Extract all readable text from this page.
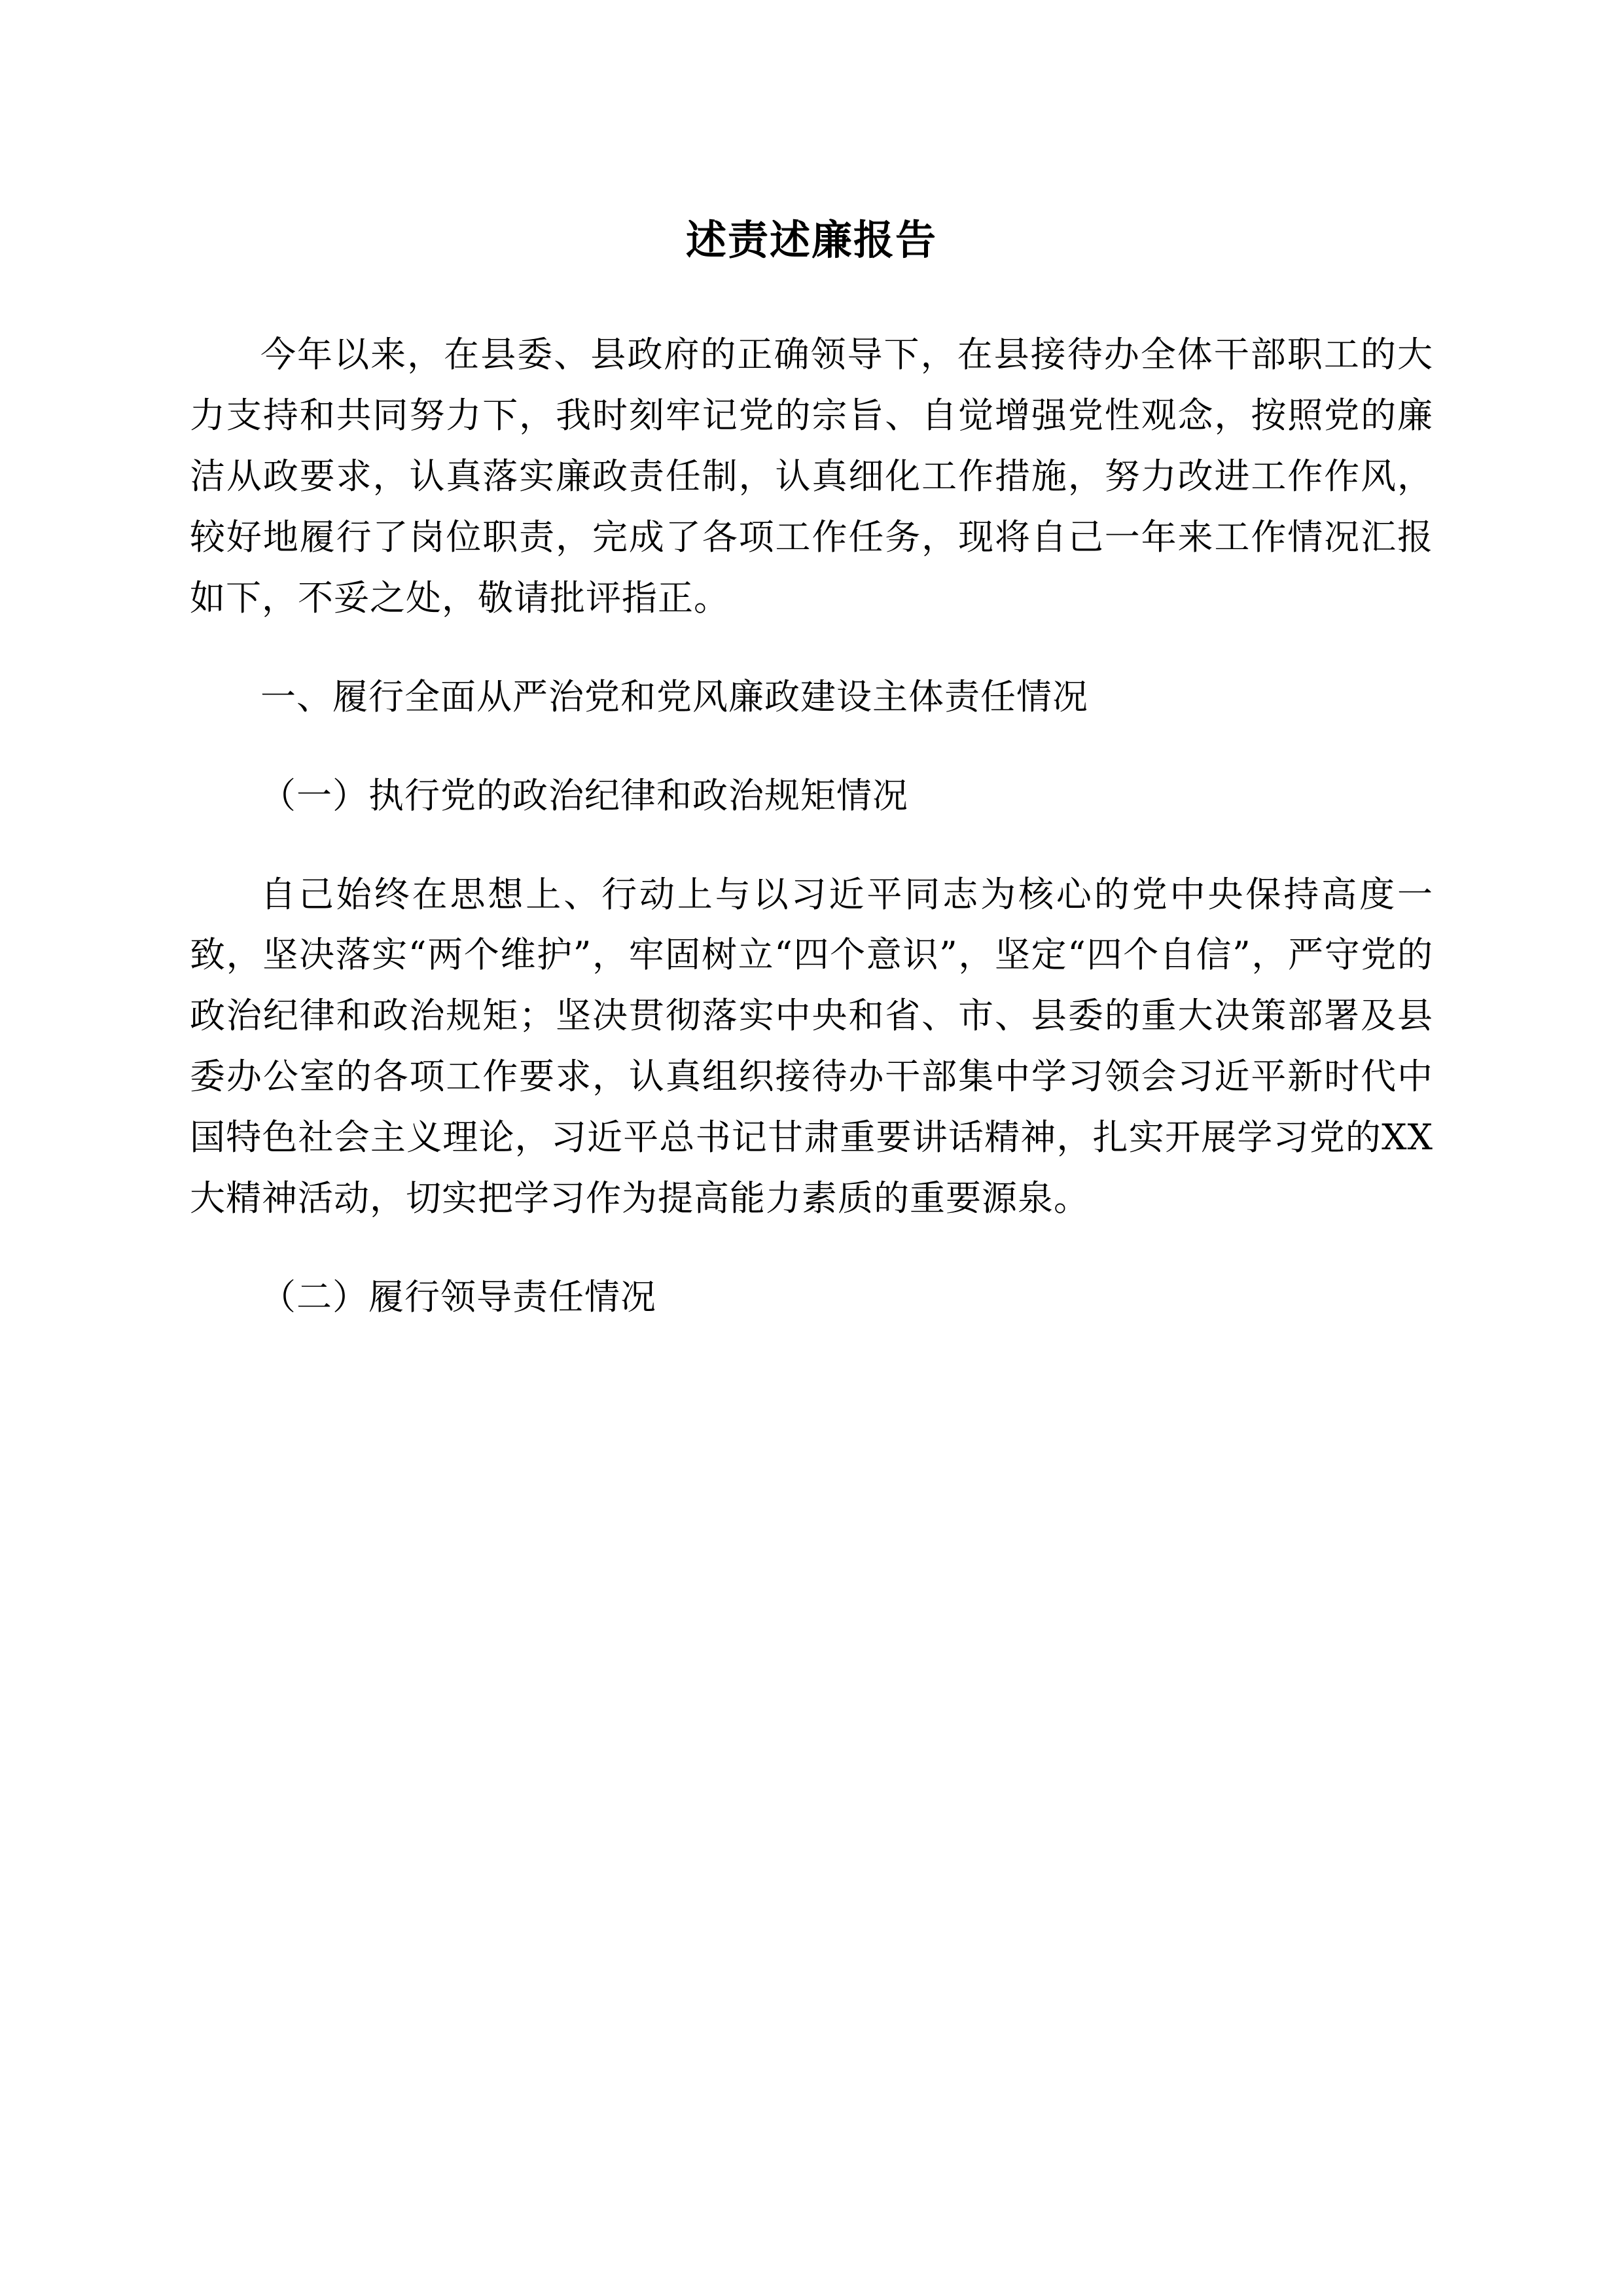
述责述廉报告

今年以来，在县委、县政府的正确领导下，在县接待办全体干部职工的大力支持和共同努力下，我时刻牢记党的宗旨、自觉增强党性观念，按照党的廉洁从政要求，认真落实廉政责任制，认真细化工作措施，努力改进工作作风，较好地履行了岗位职责，完成了各项工作任务，现将自己一年来工作情况汇报如下，不妥之处，敬请批评指正。

一、履行全面从严治党和党风廉政建设主体责任情况

（一）执行党的政治纪律和政治规矩情况

自己始终在思想上、行动上与以习近平同志为核心的党中央保持高度一致，坚决落实“两个维护”，牢固树立“四个意识”，坚定“四个自信”，严守党的政治纪律和政治规矩；坚决贯彻落实中央和省、市、县委的重大决策部署及县委办公室的各项工作要求，认真组织接待办干部集中学习领会习近平新时代中国特色社会主义理论，习近平总书记甘肃重要讲话精神，扎实开展学习党的XX大精神活动，切实把学习作为提高能力素质的重要源泉。

（二）履行领导责任情况
